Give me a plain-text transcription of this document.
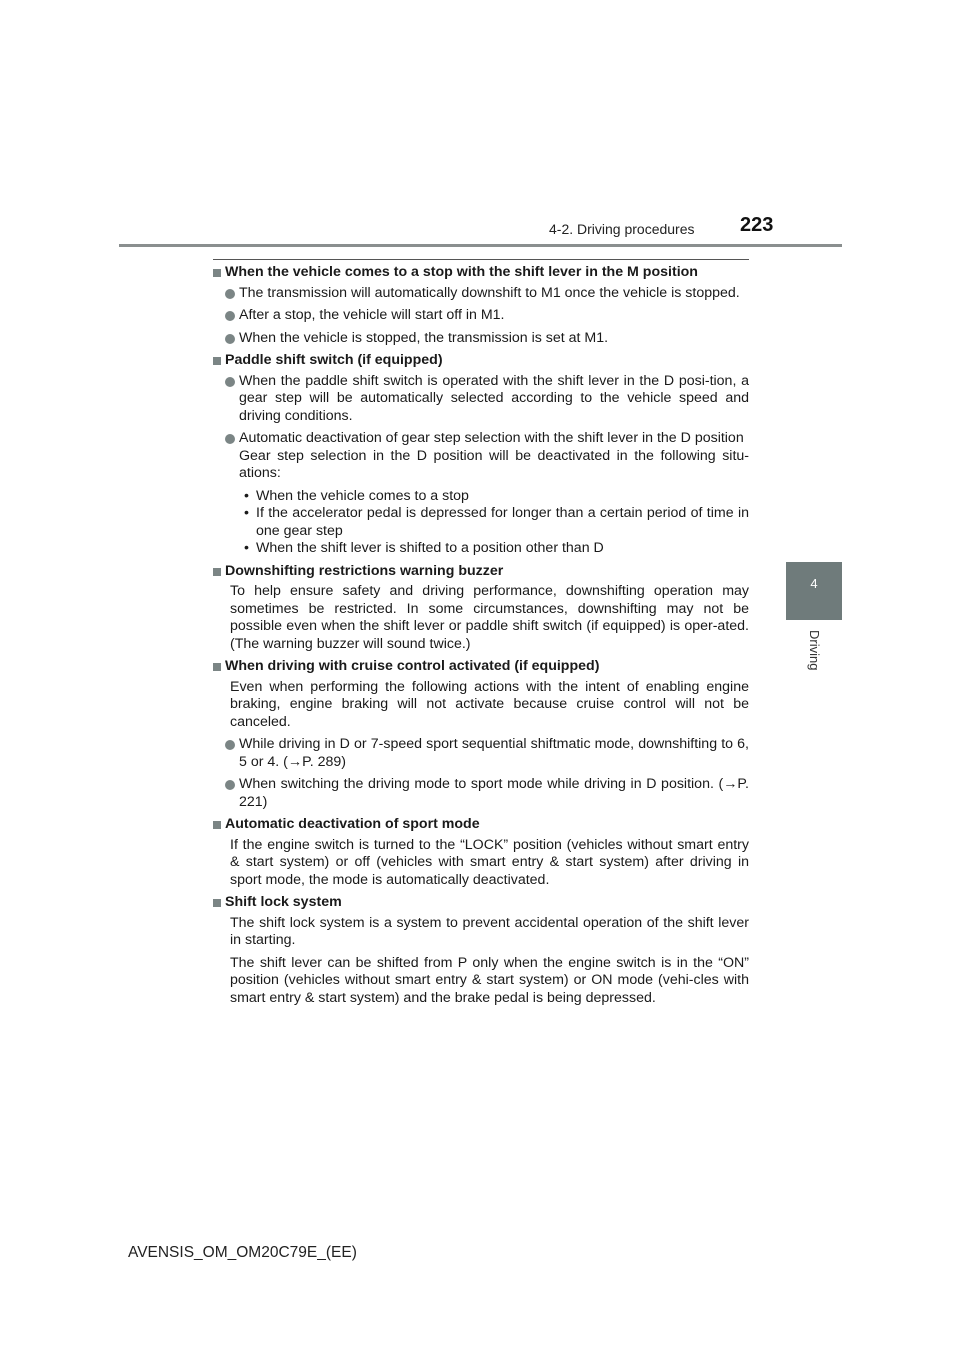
4-2. Driving procedures 223
4
Driving
When the vehicle comes to a stop with the shift lever in the M position
The transmission will automatically downshift to M1 once the vehicle is stopped.
After a stop, the vehicle will start off in M1.
When the vehicle is stopped, the transmission is set at M1.
Paddle shift switch (if equipped)
When the paddle shift switch is operated with the shift lever in the D posi-tion, a gear step will be automatically selected according to the vehicle speed and driving conditions.
Automatic deactivation of gear step selection with the shift lever in the D position
Gear step selection in the D position will be deactivated in the following situ-ations:
• When the vehicle comes to a stop
• If the accelerator pedal is depressed for longer than a certain period of time in one gear step
• When the shift lever is shifted to a position other than D
Downshifting restrictions warning buzzer
To help ensure safety and driving performance, downshifting operation may sometimes be restricted. In some circumstances, downshifting may not be possible even when the shift lever or paddle shift switch (if equipped) is oper-ated. (The warning buzzer will sound twice.)
When driving with cruise control activated (if equipped)
Even when performing the following actions with the intent of enabling engine braking, engine braking will not activate because cruise control will not be canceled.
While driving in D or 7-speed sport sequential shiftmatic mode, downshifting to 6, 5 or 4. (→P. 289)
When switching the driving mode to sport mode while driving in D position. (→P. 221)
Automatic deactivation of sport mode
If the engine switch is turned to the “LOCK” position (vehicles without smart entry & start system) or off (vehicles with smart entry & start system) after driving in sport mode, the mode is automatically deactivated.
Shift lock system
The shift lock system is a system to prevent accidental operation of the shift lever in starting.
The shift lever can be shifted from P only when the engine switch is in the “ON” position (vehicles without smart entry & start system) or ON mode (vehi-cles with smart entry & start system) and the brake pedal is being depressed.
AVENSIS_OM_OM20C79E_(EE)
